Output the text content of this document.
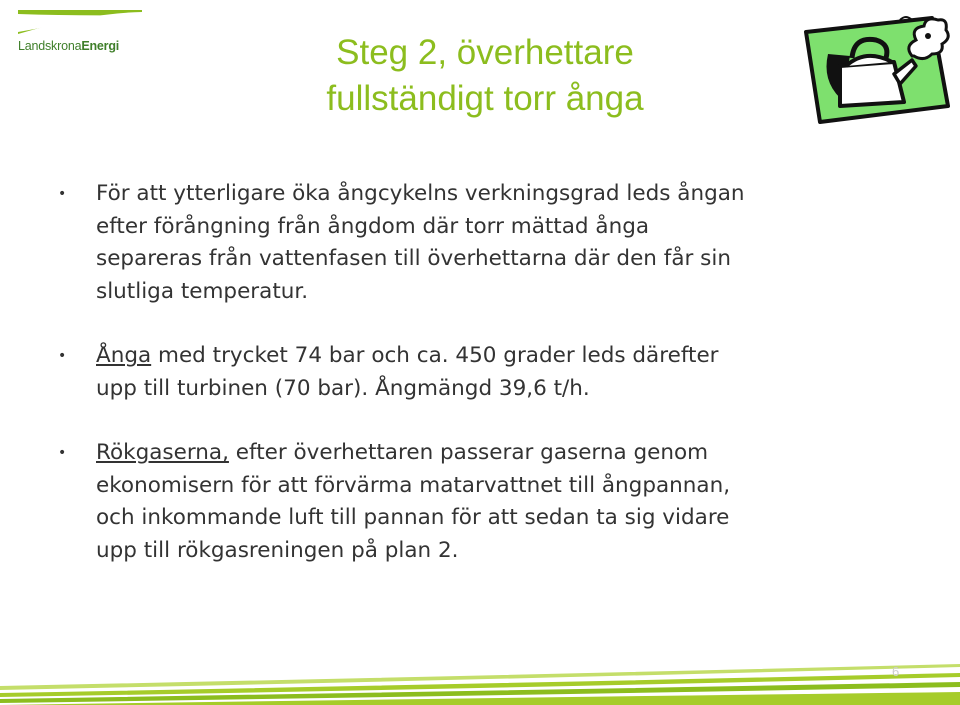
LandskronaEnergi	Steg 2, överhettare
fullständigt torr ånga
• För att ytterligare öka ångcykelns verkningsgrad leds ångan
efter förångning från ångdom där torr mättad ånga
separeras från vattenfasen till överhettarna där den får sin
slutliga temperatur.
• Ånga med trycket 74 bar och ca. 450 grader leds därefter
upp till turbinen (70 bar). Ångmängd 39,6 t/h.
• Rökgaserna, efter överhettaren passerar gaserna genom
ekonomisern för att förvärma matarvattnet till ångpannan,
och inkommande luft till pannan för att sedan ta sig vidare
upp till rökgasreningen på plan 2.
6
